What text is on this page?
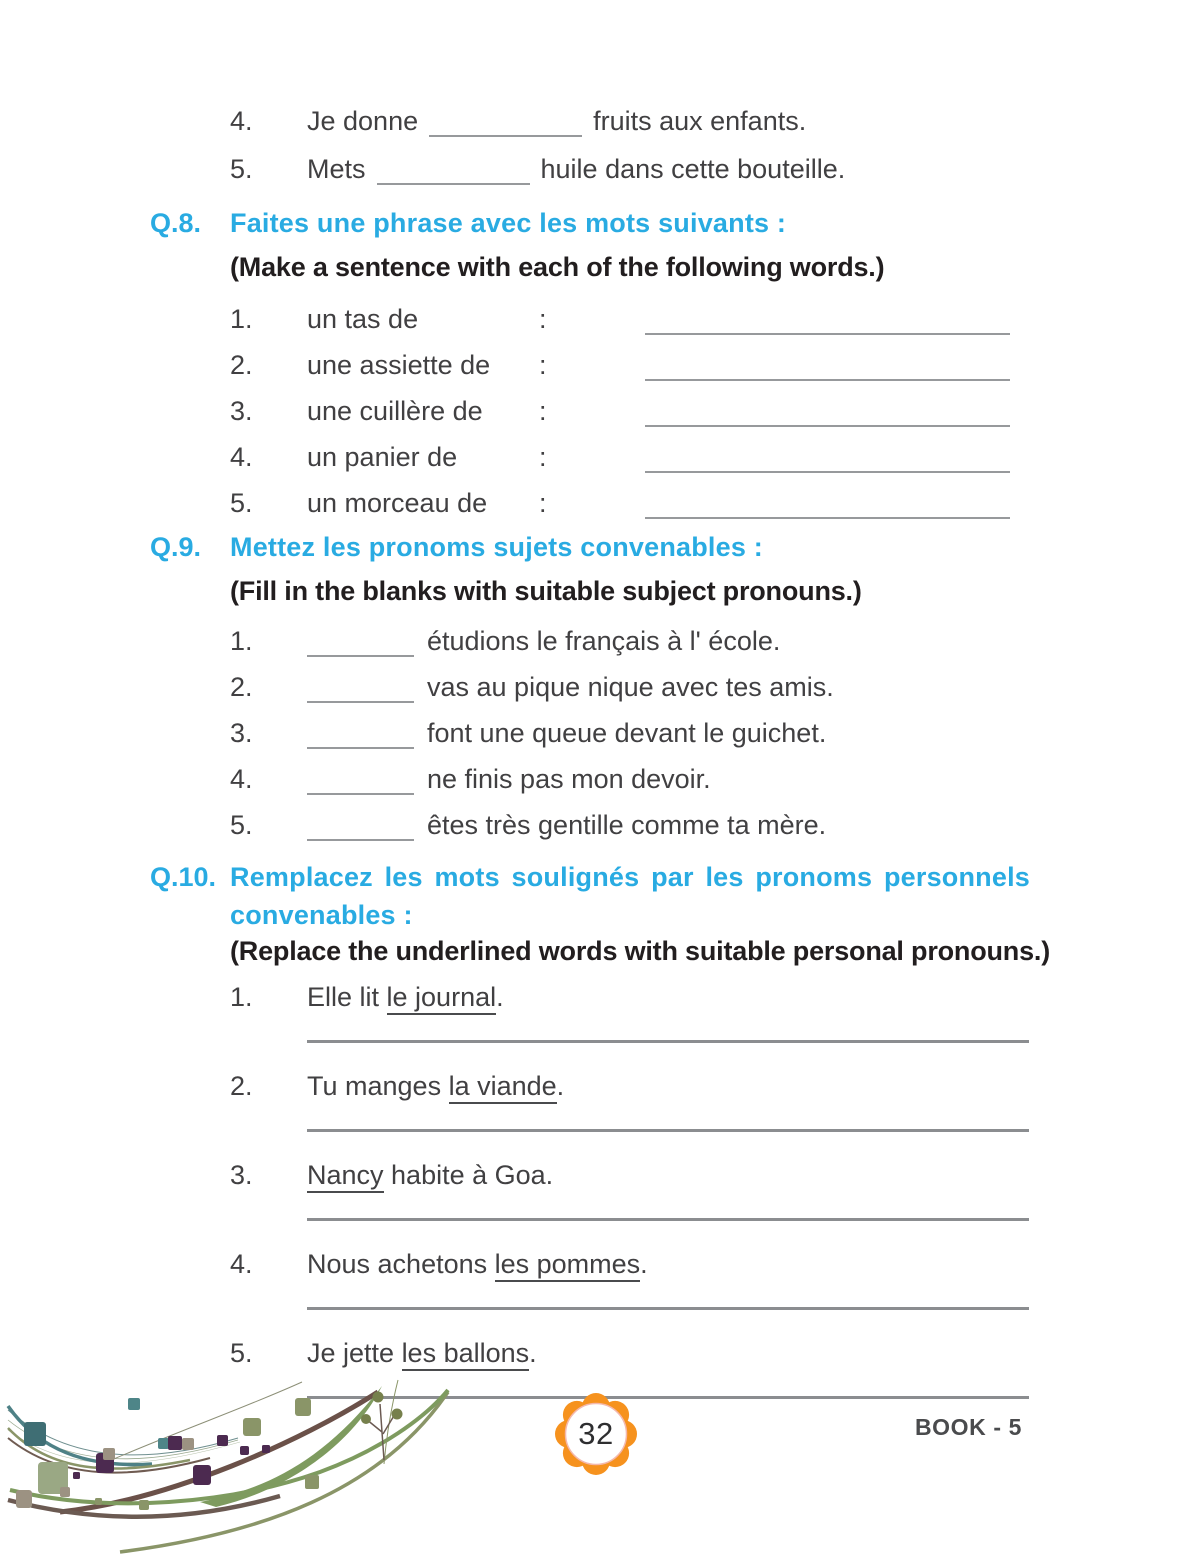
4.	Je donne	fruits aux enfants.
5.	Mets	huile dans cette bouteille.
Q.8.	Faites une phrase avec les mots suivants :
(Make a sentence with each of the following words.)
1.	un tas de	:
2.	une assiette de	:
3.	une cuillère de	:
4.	un panier de	:
5.	un morceau de	:
Q.9.	Mettez les pronoms sujets convenables :
(Fill in the blanks with suitable subject pronouns.)
1.	étudions le français à l' école.
2.	vas au pique nique avec tes amis.
3.	font une queue devant le guichet.
4.	ne finis pas mon devoir.
5.	êtes très gentille comme ta mère.
Q.10. Remplacez les mots soulignés par les pronoms personnels convenables :
(Replace the underlined words with suitable personal pronouns.)
1.	Elle lit le journal.
2.	Tu manges la viande.
3.	Nancy habite à Goa.
4.	Nous achetons les pommes.
5.	Je jette les ballons.
32	BOOK - 5
